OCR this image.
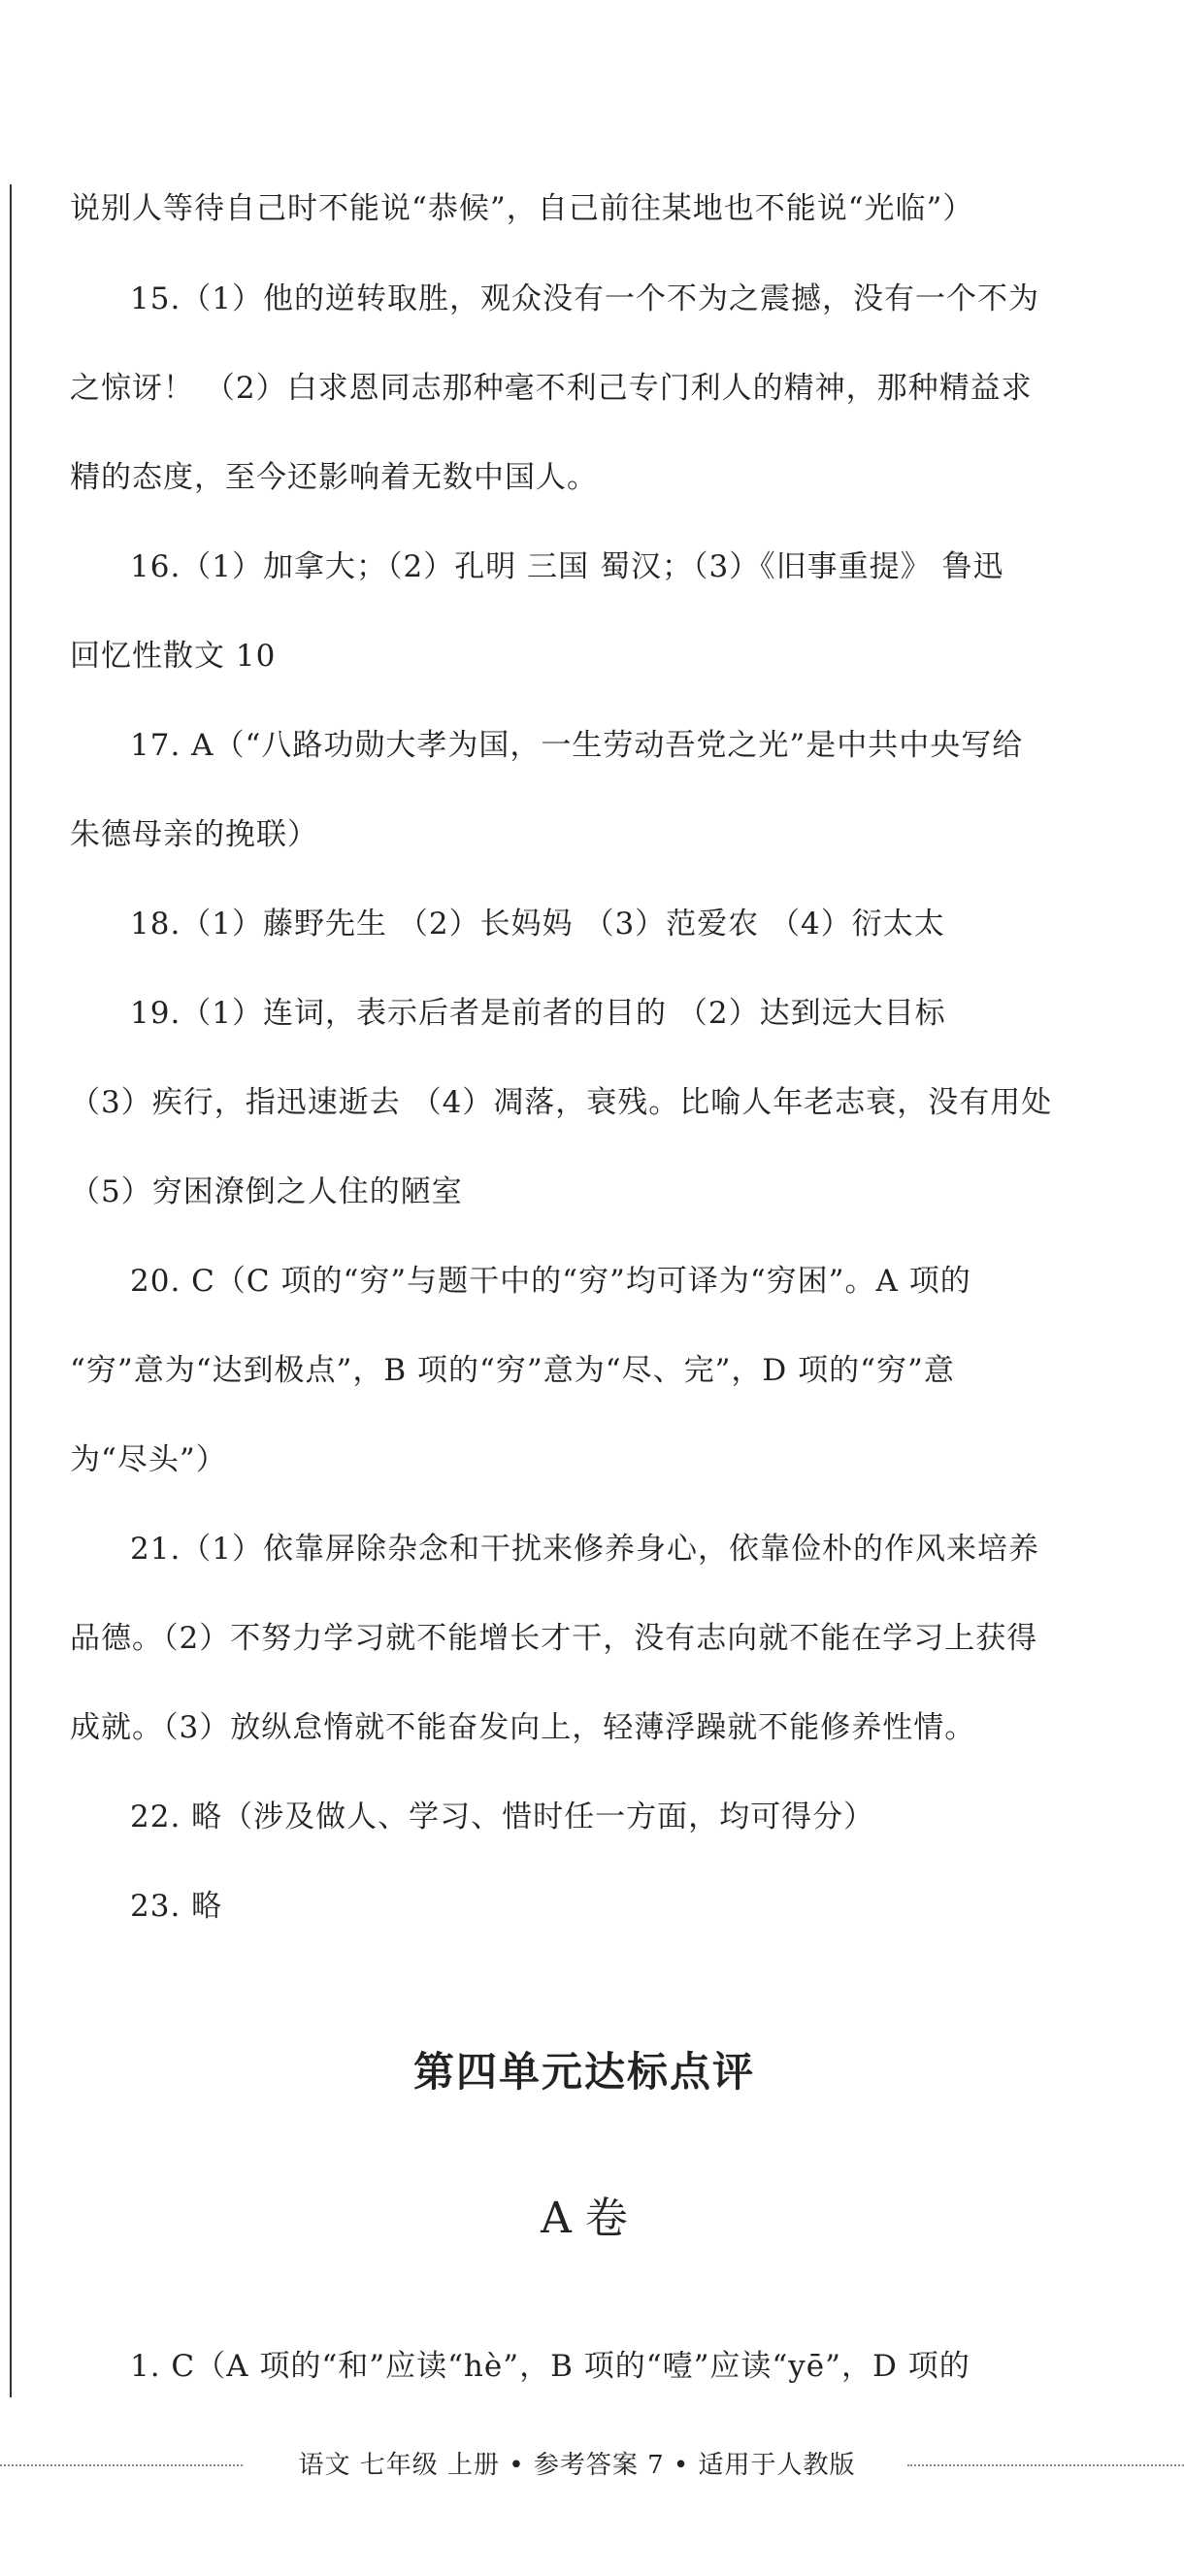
说别人等待自己时不能说“恭候”，自己前往某地也不能说“光临”）
15.（1）他的逆转取胜，观众没有一个不为之震撼，没有一个不为
之惊讶！ （2）白求恩同志那种毫不利己专门利人的精神，那种精益求
精的态度，至今还影响着无数中国人。
16.（1）加拿大；（2）孔明 三国 蜀汉；（3）《旧事重提》 鲁迅
回忆性散文 10
17. A（“八路功勋大孝为国，一生劳动吾党之光”是中共中央写给
朱德母亲的挽联）
18.（1）藤野先生 （2）长妈妈 （3）范爱农 （4）衍太太
19.（1）连词，表示后者是前者的目的 （2）达到远大目标
（3）疾行，指迅速逝去 （4）凋落，衰残。比喻人年老志衰，没有用处
（5）穷困潦倒之人住的陋室
20. C（C 项的“穷”与题干中的“穷”均可译为“穷困”。A 项的
“穷”意为“达到极点”，B 项的“穷”意为“尽、完”，D 项的“穷”意
为“尽头”）
21.（1）依靠屏除杂念和干扰来修养身心，依靠俭朴的作风来培养
品德。（2）不努力学习就不能增长才干，没有志向就不能在学习上获得
成就。（3）放纵怠惰就不能奋发向上，轻薄浮躁就不能修养性情。
22. 略（涉及做人、学习、惜时任一方面，均可得分）
23. 略
第四单元达标点评
A 卷
1. C（A 项的“和”应读“hè”，B 项的“噎”应读“yē”，D 项的
语文 七年级 上册 • 参考答案 7 • 适用于人教版
